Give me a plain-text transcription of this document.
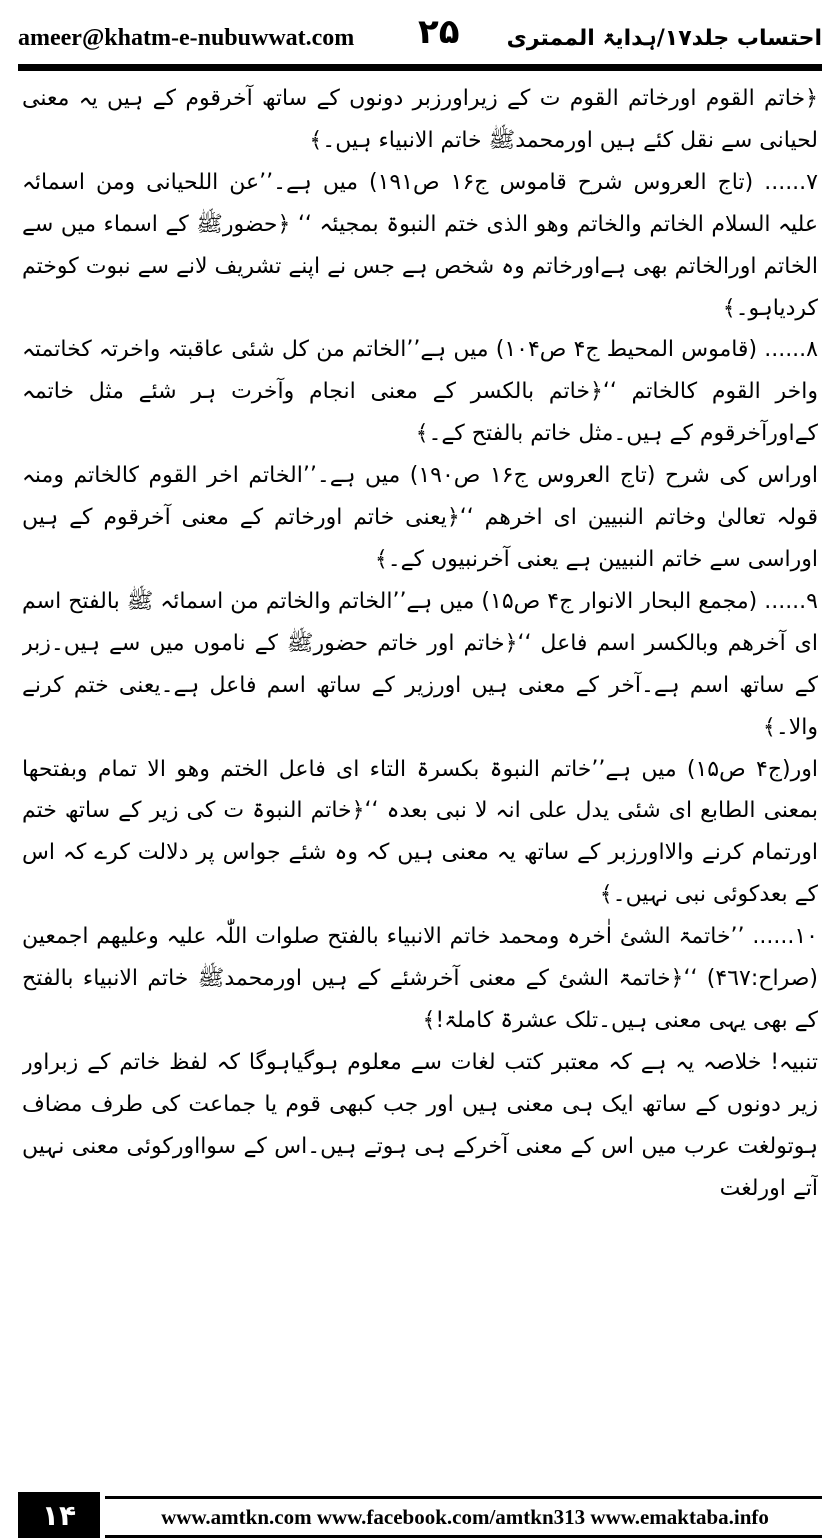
ameer@khatm-e-nubuwwat.com ۲۵ احتساب جلد۱۷/ہدایۃ الممتری

﴿خاتم القوم اورخاتم القوم ت کے زیراورزبر دونوں کے ساتھ آخرقوم کے ہیں یہ معنی لحیانی سے نقل کئے ہیں اورمحمدﷺ خاتم الانبیاء ہیں۔﴾

۷...... (تاج العروس شرح قاموس ج۱۶ ص۱۹۱) میں ہے۔’’عن اللحیانی ومن اسمائہ علیہ السلام الخاتم والخاتم وھو الذی ختم النبوۃ بمجیئہ ‘‘ ﴿حضورﷺ کے اسماء میں سے الخاتم اورالخاتم بھی ہےاورخاتم وہ شخص ہے جس نے اپنے تشریف لانے سے نبوت کوختم کردیاہو۔﴾

۸...... (قاموس المحیط ج۴ ص۱۰۴) میں ہے’’الخاتم من کل شئی عاقبتہ واخرتہ کخاتمتہ واخر القوم کالخاتم ‘‘﴿خاتم بالکسر کے معنی انجام وآخرت ہر شئے مثل خاتمہ کےاورآخرقوم کے ہیں۔مثل خاتم بالفتح کے۔﴾

اوراس کی شرح (تاج العروس ج۱۶ ص۱۹۰) میں ہے۔’’الخاتم اخر القوم کالخاتم ومنہ قولہ تعالیٰ وخاتم النبیین ای اخرھم ‘‘﴿یعنی خاتم اورخاتم کے معنی آخرقوم کے ہیں اوراسی سے خاتم النبیین ہے یعنی آخرنبیوں کے۔﴾

۹...... (مجمع البحار الانوار ج۴ ص۱۵) میں ہے’’الخاتم والخاتم من اسمائہ ﷺ بالفتح اسم ای آخرھم وبالکسر اسم فاعل ‘‘﴿خاتم اور خاتم حضورﷺ کے ناموں میں سے ہیں۔زبر کے ساتھ اسم ہے۔آخر کے معنی ہیں اورزیر کے ساتھ اسم فاعل ہے۔یعنی ختم کرنے والا۔﴾

اور(ج۴ ص۱۵) میں ہے’’خاتم النبوۃ بکسرۃ التاء ای فاعل الختم وھو الا تمام وبفتحھا بمعنی الطابع ای شئی یدل علی انہ لا نبی بعدہ ‘‘﴿خاتم النبوۃ ت کی زیر کے ساتھ ختم اورتمام کرنے والااورزبر کے ساتھ یہ معنی ہیں کہ وہ شئے جواس پر دلالت کرے کہ اس کے بعدکوئی نبی نہیں۔﴾

۱۰...... ’’خاتمۃ الشئ اٰخرہ ومحمد خاتم الانبیاء بالفتح صلوات اللّٰہ علیہ وعلیھم اجمعین (صراح:۴٦۷) ‘‘﴿خاتمۃ الشئ کے معنی آخرشئے کے ہیں اورمحمدﷺ خاتم الانبیاء بالفتح کے بھی یہی معنی ہیں۔تلک عشرۃ کاملۃ!﴾

تنبیہ! خلاصہ یہ ہے کہ معتبر کتب لغات سے معلوم ہوگیاہوگا کہ لفظ خاتم کے زبراور زیر دونوں کے ساتھ ایک ہی معنی ہیں اور جب کبھی قوم یا جماعت کی طرف مضاف ہوتولغت عرب میں اس کے معنی آخرکے ہی ہوتے ہیں۔اس کے سوااورکوئی معنی نہیں آتے اورلغت

۱۴	www.amtkn.com www.facebook.com/amtkn313 www.emaktaba.info
